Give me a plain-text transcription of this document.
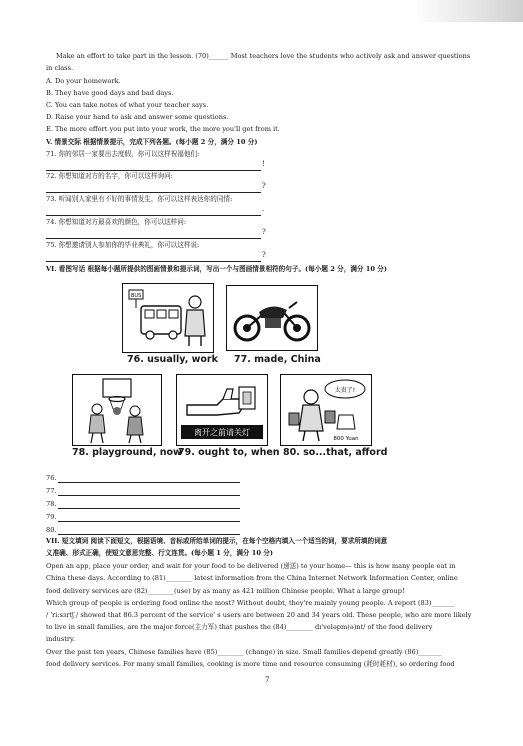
Make an effort to take part in the lesson. (70)______ Most teachers love the students who actively ask and answer questions
in class.
A. Do your homework.
B. They have good days and bad days.
C. You can take notes of what your teacher says.
D. Raise your hand to ask and answer some questions.
E. The more effort you put into your work, the more you'll get from it.
V. 情景交际 根据情景提示，完成下列各题。(每小题 2 分，满分 10 分)
71. 你的邻居一家要出去度假，你可以这样祝福他们:
!
72. 你想知道对方的名字，你可以这样询问:
?
73. 听闻别人家里有不好的事情发生，你可以这样表达你的同情:
.
74. 你想知道对方最喜欢的颜色，你可以这样问:
?
75. 你想邀请别人参加你的毕业典礼，你可以这样说:
?
VI. 看图写话 根据每小题所提供的图画情景和提示词，写出一个与图画情景相符的句子。(每小题 2 分，满分 10 分)
BUS
76. usually, work 77. made, China
78. playground, now
离开之前请关灯
79. ought to, when
太贵了!
800 Yuan
80. so...that, afford
76.
77.
78.
79.
80.
VII. 短文填词 阅读下面短文，根据语境、音标或所给单词的提示，在每个空格内填入一个适当的词，要求所填的词意
义准确、形式正确，使短文意思完整、行文连贯。(每小题 1 分，满分 10 分)
Open an app, place your order, and wait for your food to be delivered (递送) to your home— this is how many people eat in
China these days. According to (81)________ latest information from the China Internet Network Information Center, online
food delivery services are (82)________(use) by as many as 421 million Chinese people. What a large group!
Which group of people is ordering food online the most? Without doubt, they're mainly young people. A report (83)_______
/ 'ri:sɜrtʃ / showed that 86.3 percent of the service' s users are between 20 and 34 years old. These people, who are more likely
to live in small families, are the major force(主力军) that pushes the (84)________ dɪ'veləpm(ə)nt/ of the food delivery
industry.
Over the past ten years, Chinese families have (85)________ (change) in size. Small families depend greatly (86)_______
food delivery services. For many small families, cooking is more time and resource consuming (耗时耗材), so ordering food
7
